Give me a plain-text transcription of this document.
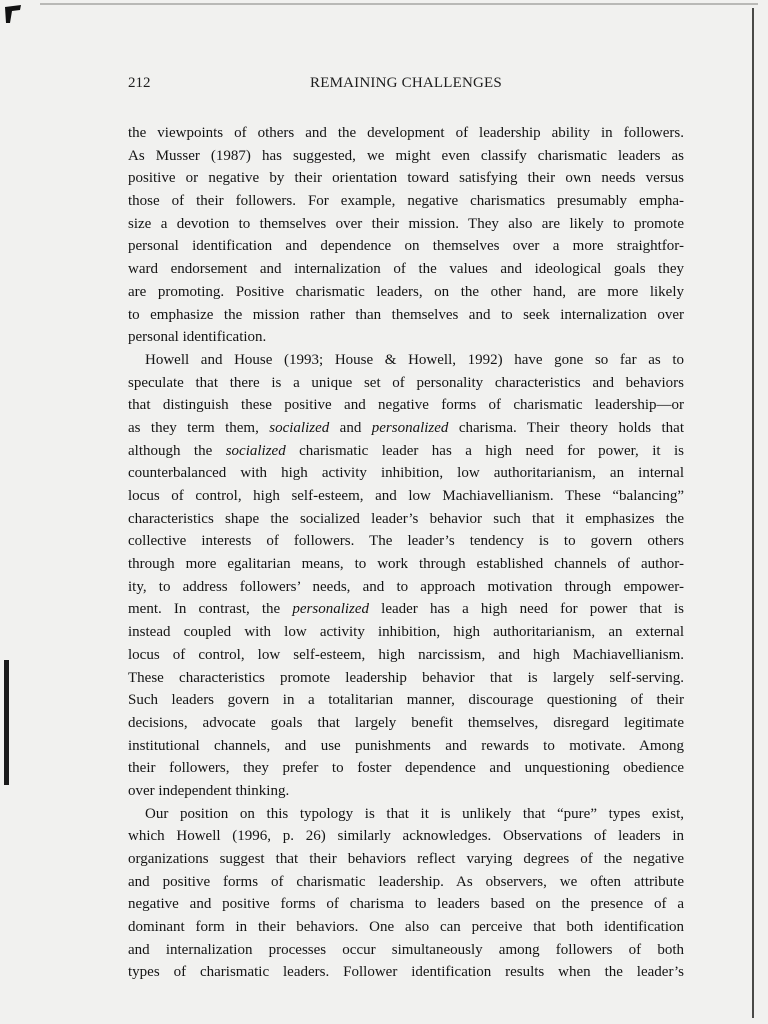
212	REMAINING CHALLENGES
the viewpoints of others and the development of leadership ability in followers.
As Musser (1987) has suggested, we might even classify charismatic leaders as
positive or negative by their orientation toward satisfying their own needs versus
those of their followers. For example, negative charismatics presumably empha-
size a devotion to themselves over their mission. They also are likely to promote
personal identification and dependence on themselves over a more straightfor-
ward endorsement and internalization of the values and ideological goals they
are promoting. Positive charismatic leaders, on the other hand, are more likely
to emphasize the mission rather than themselves and to seek internalization over
personal identification.
Howell and House (1993; House & Howell, 1992) have gone so far as to
speculate that there is a unique set of personality characteristics and behaviors
that distinguish these positive and negative forms of charismatic leadership—or
as they term them, socialized and personalized charisma. Their theory holds that
although the socialized charismatic leader has a high need for power, it is
counterbalanced with high activity inhibition, low authoritarianism, an internal
locus of control, high self-esteem, and low Machiavellianism. These “balancing”
characteristics shape the socialized leader’s behavior such that it emphasizes the
collective interests of followers. The leader’s tendency is to govern others
through more egalitarian means, to work through established channels of author-
ity, to address followers’ needs, and to approach motivation through empower-
ment. In contrast, the personalized leader has a high need for power that is
instead coupled with low activity inhibition, high authoritarianism, an external
locus of control, low self-esteem, high narcissism, and high Machiavellianism.
These characteristics promote leadership behavior that is largely self-serving.
Such leaders govern in a totalitarian manner, discourage questioning of their
decisions, advocate goals that largely benefit themselves, disregard legitimate
institutional channels, and use punishments and rewards to motivate. Among
their followers, they prefer to foster dependence and unquestioning obedience
over independent thinking.
Our position on this typology is that it is unlikely that “pure” types exist,
which Howell (1996, p. 26) similarly acknowledges. Observations of leaders in
organizations suggest that their behaviors reflect varying degrees of the negative
and positive forms of charismatic leadership. As observers, we often attribute
negative and positive forms of charisma to leaders based on the presence of a
dominant form in their behaviors. One also can perceive that both identification
and internalization processes occur simultaneously among followers of both
types of charismatic leaders. Follower identification results when the leader’s
